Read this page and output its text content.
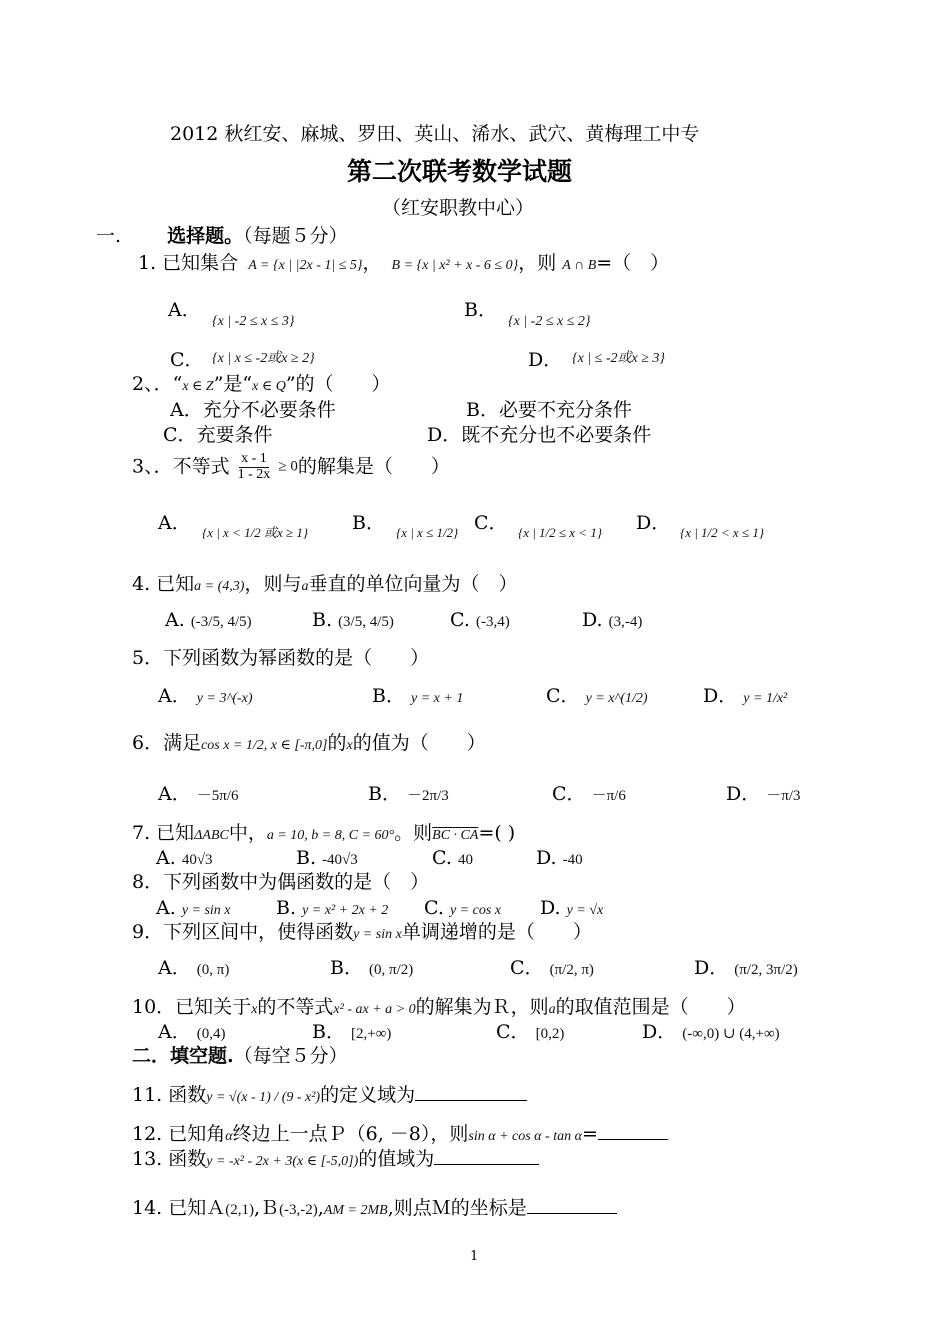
2012 秋红安、麻城、罗田、英山、浠水、武穴、黄梅理工中专
第二次联考数学试题
（红安职教中心）
一. 选择题。（每题５分）
1. 已知集合 A = {x | |2x - 1| ≤ 5}， B = {x | x² + x - 6 ≤ 0}，则 A ∩ B=（　）
A．
{x | -2 ≤ x ≤ 3}
B．
{x | -2 ≤ x ≤ 2}
C． {x | x ≤ -2或x ≥ 2}	D． {x | ≤ -2或x ≥ 3}
2、．“x ∈ Z”是“x ∈ Q”的（　　）
A．充分不必要条件	B．必要不充分条件
C．充要条件	D．既不充分也不必要条件
3、．不等式 $\frac{x - 1}{1 - 2x} \ge 0$的解集是（　　）
A． {x | x < 1/2 或x ≥ 1} B． {x | x ≤ 1/2} C． {x | 1/2 ≤ x < 1} D． {x | 1/2 < x ≤ 1}
4. 已知a = (4,3)，则与a垂直的单位向量为（　）
A. (-3/5, 4/5)	B. (3/5, 4/5)	C. (-3,4)	D. (3,-4)
5．下列函数为幂函数的是（　　）
A． y = 3^(-x)	B． y = x + 1	C． y = x^(1/2)	D． y = 1/x²
6．满足cos x = 1/2, x ∈ [-π,0]的x的值为（　　）
A． －5π/6	B． －2π/3	C． －π/6	D． －π/3
7. 已知ΔABC中，a = 10, b = 8, C = 60°。则BC · CA=( )
A. 40√3	B. -40√3	C. 40	D. -40
8．下列函数中为偶函数的是（　）
A. y = sin x B. y = x² + 2x + 2 C. y = cos x D. y = √x
9．下列区间中，使得函数y = sin x单调递增的是（　　）
A． (0, π)	B． (0, π/2)	C． (π/2, π)	D． (π/2, 3π/2)
10．已知关于x的不等式x² - ax + a > 0的解集为Ｒ，则a的取值范围是（　　）
A． (0,4)	B． [2,+∞)	C． [0,2)	D． (-∞,0) ∪ (4,+∞)
二．填空题.（每空５分）
11. 函数y = √(x - 1) / (9 - x²)的定义域为
12. 已知角α终边上一点Ｐ（6, －8），则sin α + cos α - tan α=
13. 函数y = -x² - 2x + 3(x ∈ [-5,0])的值域为
14. 已知Ａ(2,1),Ｂ(-3,-2),AM = 2MB,则点Ｍ的坐标是
1
